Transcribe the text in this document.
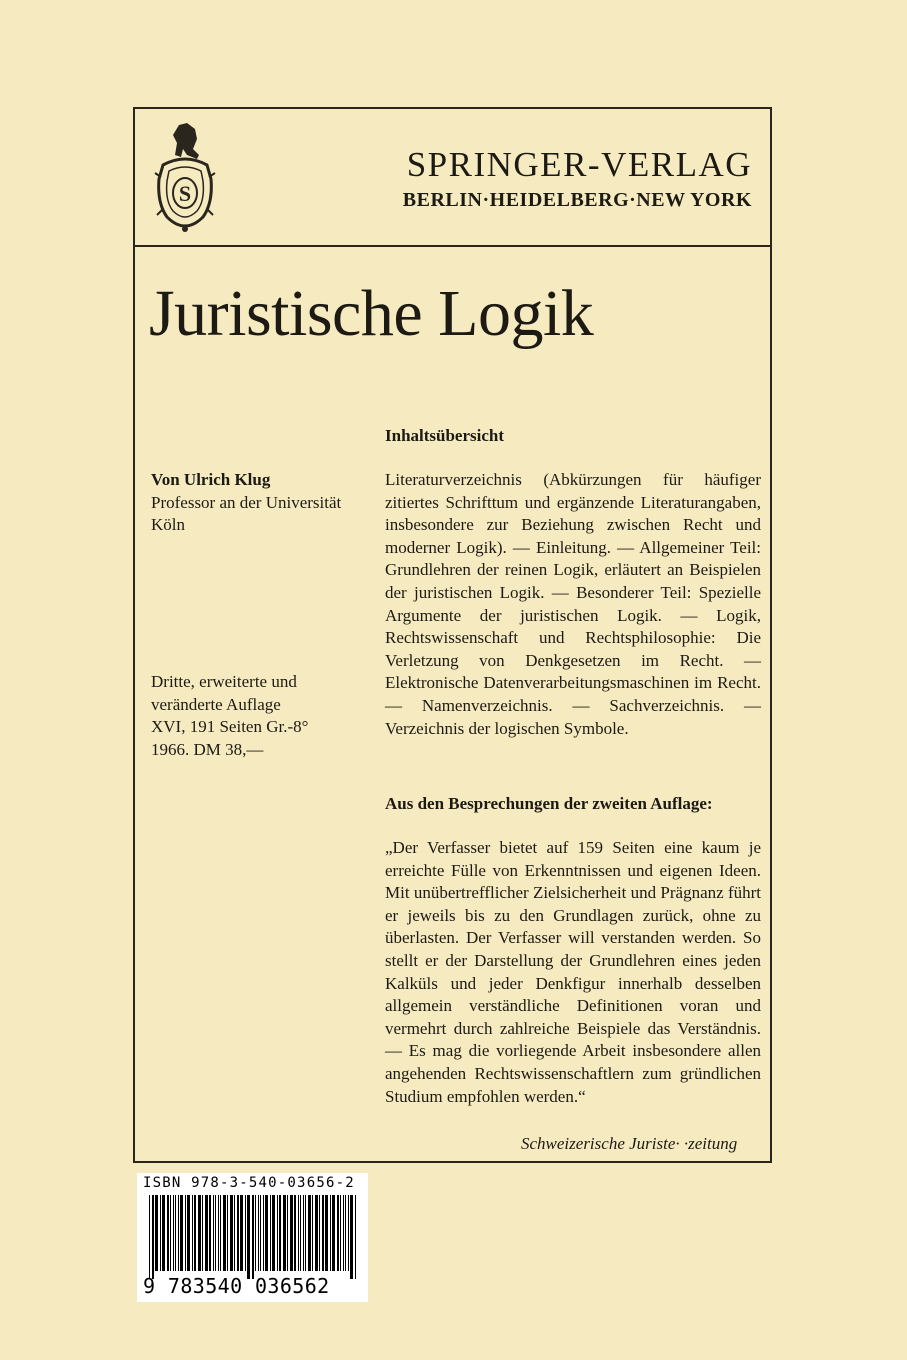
S
SPRINGER-VERLAG
BERLIN·HEIDELBERG·NEW YORK
Juristische Logik
Von Ulrich Klug
Professor an der Universität Köln
Dritte, erweiterte und veränderte Auflage
XVI, 191 Seiten Gr.-8°
1966. DM 38,—
Inhaltsübersicht
Literaturverzeichnis (Abkürzungen für häufiger zitiertes Schrifttum und ergänzende Literaturangaben, insbesondere zur Beziehung zwischen Recht und moderner Logik). — Einleitung. — Allgemeiner Teil: Grundlehren der reinen Logik, erläutert an Beispielen der juristischen Logik. — Besonderer Teil: Spezielle Argumente der juristischen Logik. — Logik, Rechtswissenschaft und Rechtsphilosophie: Die Verletzung von Denkgesetzen im Recht. — Elektronische Datenverarbeitungsmaschinen im Recht. — Namenverzeichnis. — Sachverzeichnis. — Verzeichnis der logischen Symbole.
Aus den Besprechungen der zweiten Auflage:
„Der Verfasser bietet auf 159 Seiten eine kaum je erreichte Fülle von Erkenntnissen und eigenen Ideen. Mit unübertrefflicher Zielsicherheit und Prägnanz führt er jeweils bis zu den Grundlagen zurück, ohne zu überlasten. Der Verfasser will verstanden werden. So stellt er der Darstellung der Grundlehren eines jeden Kalküls und jeder Denkfigur innerhalb desselben allgemein verständliche Definitionen voran und vermehrt durch zahlreiche Beispiele das Verständnis. — Es mag die vorliegende Arbeit insbesondere allen angehenden Rechtswissenschaftlern zum gründlichen Studium empfohlen werden.“
Schweizerische Juriste· ·zeitung
ISBN 978-3-540-03656-2
9 783540 036562
